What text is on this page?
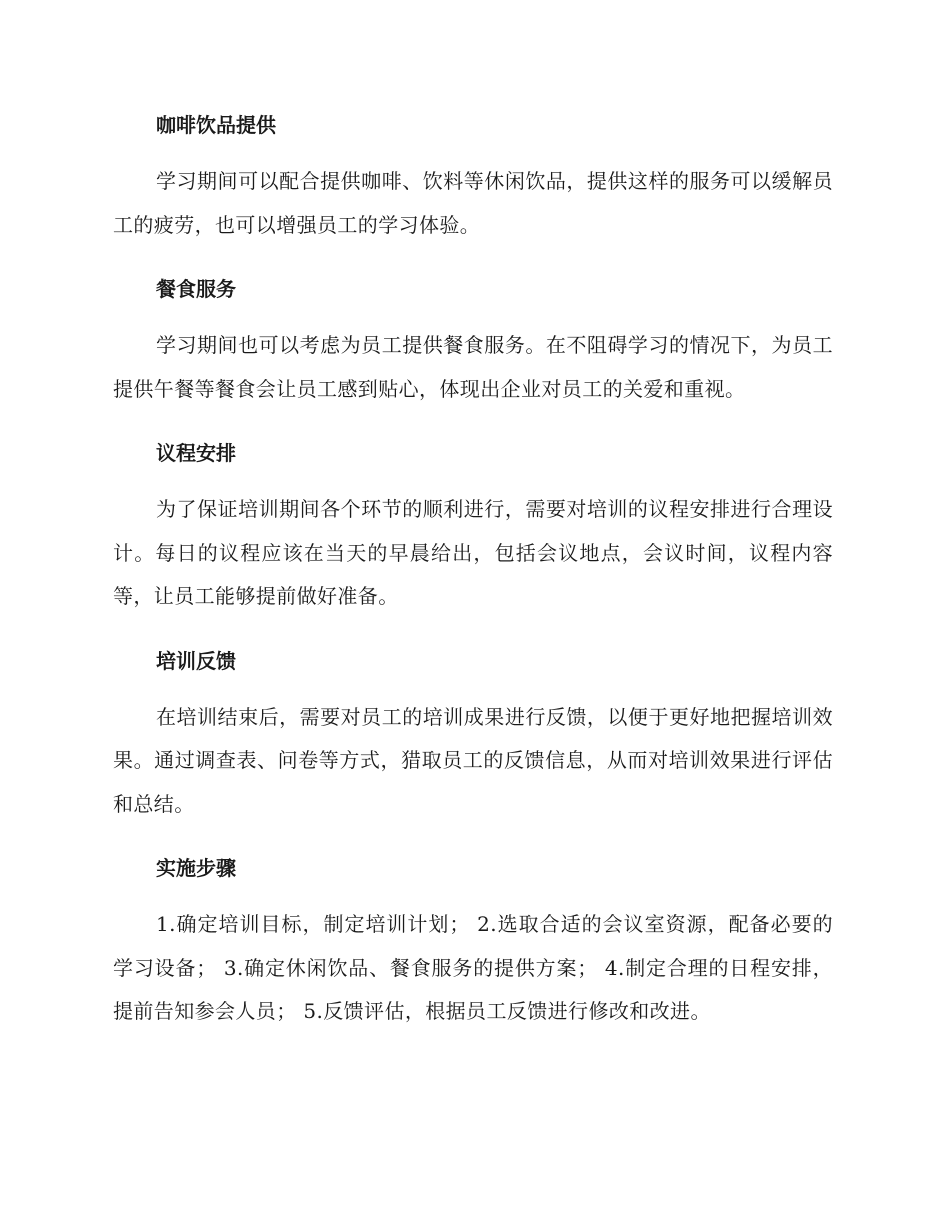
咖啡饮品提供

学习期间可以配合提供咖啡、饮料等休闲饮品，提供这样的服务可以缓解员工的疲劳，也可以增强员工的学习体验。

餐食服务

学习期间也可以考虑为员工提供餐食服务。在不阻碍学习的情况下，为员工提供午餐等餐食会让员工感到贴心，体现出企业对员工的关爱和重视。

议程安排

为了保证培训期间各个环节的顺利进行，需要对培训的议程安排进行合理设计。每日的议程应该在当天的早晨给出，包括会议地点，会议时间，议程内容等，让员工能够提前做好准备。

培训反馈

在培训结束后，需要对员工的培训成果进行反馈，以便于更好地把握培训效果。通过调查表、问卷等方式，猎取员工的反馈信息，从而对培训效果进行评估和总结。

实施步骤

1.确定培训目标，制定培训计划； 2.选取合适的会议室资源，配备必要的学习设备； 3.确定休闲饮品、餐食服务的提供方案； 4.制定合理的日程安排，提前告知参会人员； 5.反馈评估，根据员工反馈进行修改和改进。
